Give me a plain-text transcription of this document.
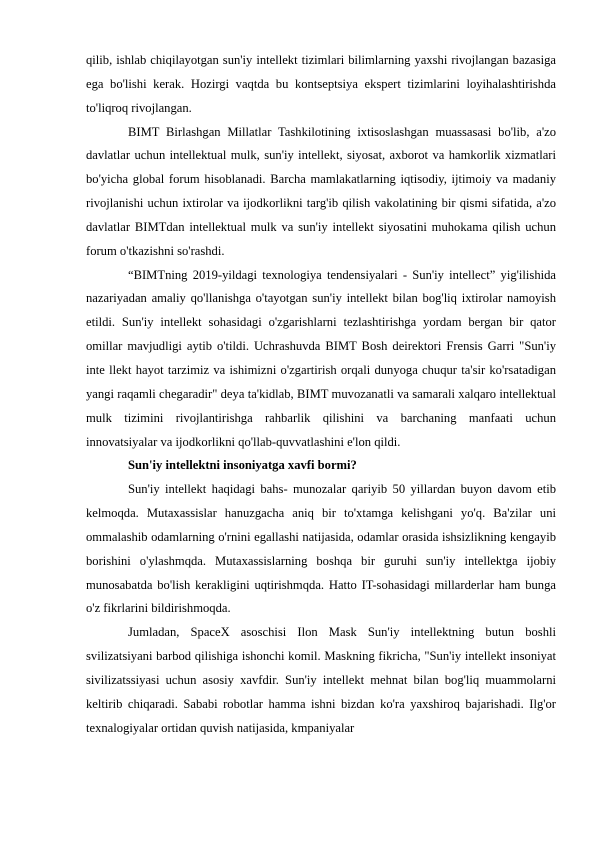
qilib, ishlab chiqilayotgan sun'iy intellekt tizimlari bilimlarning yaxshi rivojlangan bazasiga ega bo'lishi kerak. Hozirgi vaqtda bu kontseptsiya ekspert tizimlarini loyihalashtirishda to'liqroq rivojlangan.

BIMT Birlashgan Millatlar Tashkilotining ixtisoslashgan muassasasi bo'lib, a'zo davlatlar uchun intellektual mulk, sun'iy intellekt, siyosat, axborot va hamkorlik xizmatlari bo'yicha global forum hisoblanadi. Barcha mamlakatlarning iqtisodiy, ijtimoiy va madaniy rivojlanishi uchun ixtirolar va ijodkorlikni targ'ib qilish vakolatining bir qismi sifatida, a'zo davlatlar BIMTdan intellektual mulk va sun'iy intellekt siyosatini muhokama qilish uchun forum o'tkazishni so'rashdi.

“BIMTning 2019-yildagi texnologiya tendensiyalari - Sun'iy intellect” yig'ilishida nazariyadan amaliy qo'llanishga o'tayotgan sun'iy intellekt bilan bog'liq ixtirolar namoyish etildi. Sun'iy intellekt sohasidagi o'zgarishlarni tezlashtirishga yordam bergan bir qator omillar mavjudligi aytib o'tildi. Uchrashuvda BIMT Bosh deirektori Frensis Garri "Sun'iy inte llekt hayot tarzimiz va ishimizni o'zgartirish orqali dunyoga chuqur ta'sir ko'rsatadigan yangi raqamli chegaradir" deya ta'kidlab, BIMT muvozanatli va samarali xalqaro intellektual mulk tizimini rivojlantirishga rahbarlik qilishini va barchaning manfaati uchun innovatsiyalar va ijodkorlikni qo'llab-quvvatlashini e'lon qildi.

Sun'iy intellektni insoniyatga xavfi bormi?

Sun'iy intellekt haqidagi bahs- munozalar qariyib 50 yillardan buyon davom etib kelmoqda. Mutaxassislar hanuzgacha aniq bir to'xtamga kelishgani yo'q. Ba'zilar uni ommalashib odamlarning o'rnini egallashi natijasida, odamlar orasida ishsizlikning kengayib borishini o'ylashmqda. Mutaxassislarning boshqa bir guruhi sun'iy intellektga ijobiy munosabatda bo'lish kerakligini uqtirishmqda. Hatto IT-sohasidagi millarderlar ham bunga o'z fikrlarini bildirishmoqda.

Jumladan, SpaceX asoschisi Ilon Mask Sun'iy intellektning butun boshli svilizatsiyani barbod qilishiga ishonchi komil. Maskning fikricha, "Sun'iy intellekt insoniyat sivilizatssiyasi uchun asosiy xavfdir. Sun'iy intellekt mehnat bilan bog'liq muammolarni keltirib chiqaradi. Sababi robotlar hamma ishni bizdan ko'ra yaxshiroq bajarishadi. Ilg'or texnalogiyalar ortidan quvish natijasida, kmpaniyalar
